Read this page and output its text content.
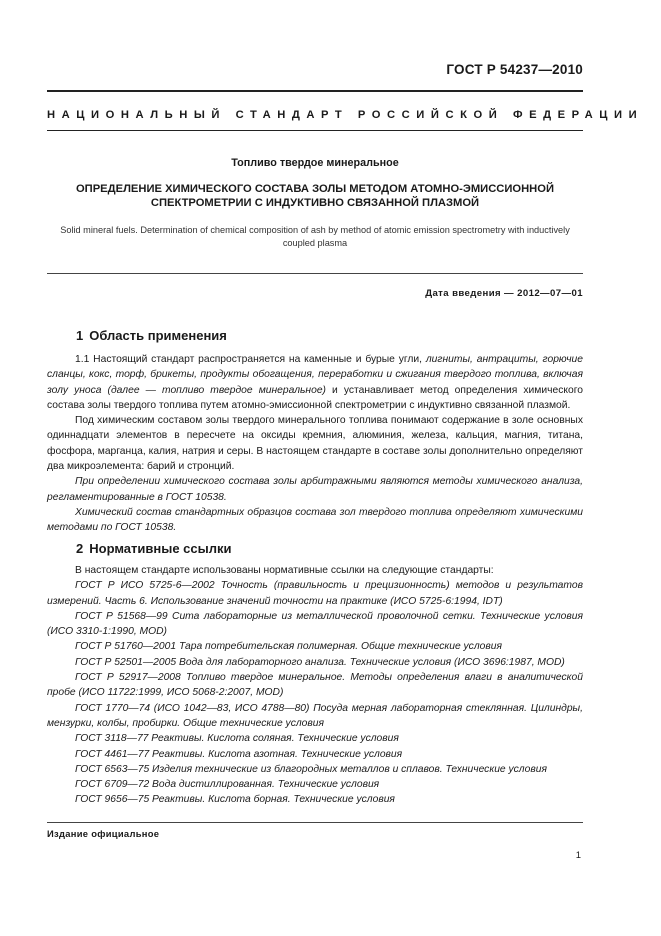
ГОСТ Р 54237—2010
НАЦИОНАЛЬНЫЙ СТАНДАРТ РОССИЙСКОЙ ФЕДЕРАЦИИ
Топливо твердое минеральное
ОПРЕДЕЛЕНИЕ ХИМИЧЕСКОГО СОСТАВА ЗОЛЫ МЕТОДОМ АТОМНО-ЭМИССИОННОЙ
СПЕКТРОМЕТРИИ С ИНДУКТИВНО СВЯЗАННОЙ ПЛАЗМОЙ
Solid mineral fuels. Determination of chemical composition of ash by method of atomic emission spectrometry with inductively coupled plasma
Дата введения — 2012—07—01
1 Область применения

1.1 Настоящий стандарт распространяется на каменные и бурые угли, лигниты, антрациты, горючие сланцы, кокс, торф, брикеты, продукты обогащения, переработки и сжигания твердого топлива, включая золу уноса (далее — топливо твердое минеральное) и устанавливает метод определения химического состава золы твердого топлива путем атомно-эмиссионной спектрометрии с индуктивно связанной плазмой.

Под химическим составом золы твердого минерального топлива понимают содержание в золе основных одиннадцати элементов в пересчете на оксиды кремния, алюминия, железа, кальция, магния, титана, фосфора, марганца, калия, натрия и серы. В настоящем стандарте в составе золы дополнительно определяют два микроэлемента: барий и стронций.

При определении химического состава золы арбитражными являются методы химического анализа, регламентированные в ГОСТ 10538.

Химический состав стандартных образцов состава зол твердого топлива определяют химическими методами по ГОСТ 10538.

2 Нормативные ссылки

В настоящем стандарте использованы нормативные ссылки на следующие стандарты:

ГОСТ Р ИСО 5725-6—2002 Точность (правильность и прецизионность) методов и результатов измерений. Часть 6. Использование значений точности на практике (ИСО 5725-6:1994, IDT)

ГОСТ Р 51568—99 Сита лабораторные из металлической проволочной сетки. Технические условия (ИСО 3310-1:1990, MOD)

ГОСТ Р 51760—2001 Тара потребительская полимерная. Общие технические условия

ГОСТ Р 52501—2005 Вода для лабораторного анализа. Технические условия (ИСО 3696:1987, MOD)

ГОСТ Р 52917—2008 Топливо твердое минеральное. Методы определения влаги в аналитической пробе (ИСО 11722:1999, ИСО 5068-2:2007, MOD)

ГОСТ 1770—74 (ИСО 1042—83, ИСО 4788—80) Посуда мерная лабораторная стеклянная. Цилиндры, мензурки, колбы, пробирки. Общие технические условия

ГОСТ 3118—77 Реактивы. Кислота соляная. Технические условия

ГОСТ 4461—77 Реактивы. Кислота азотная. Технические условия

ГОСТ 6563—75 Изделия технические из благородных металлов и сплавов. Технические условия

ГОСТ 6709—72 Вода дистиллированная. Технические условия

ГОСТ 9656—75 Реактивы. Кислота борная. Технические условия

Издание официальное
1
